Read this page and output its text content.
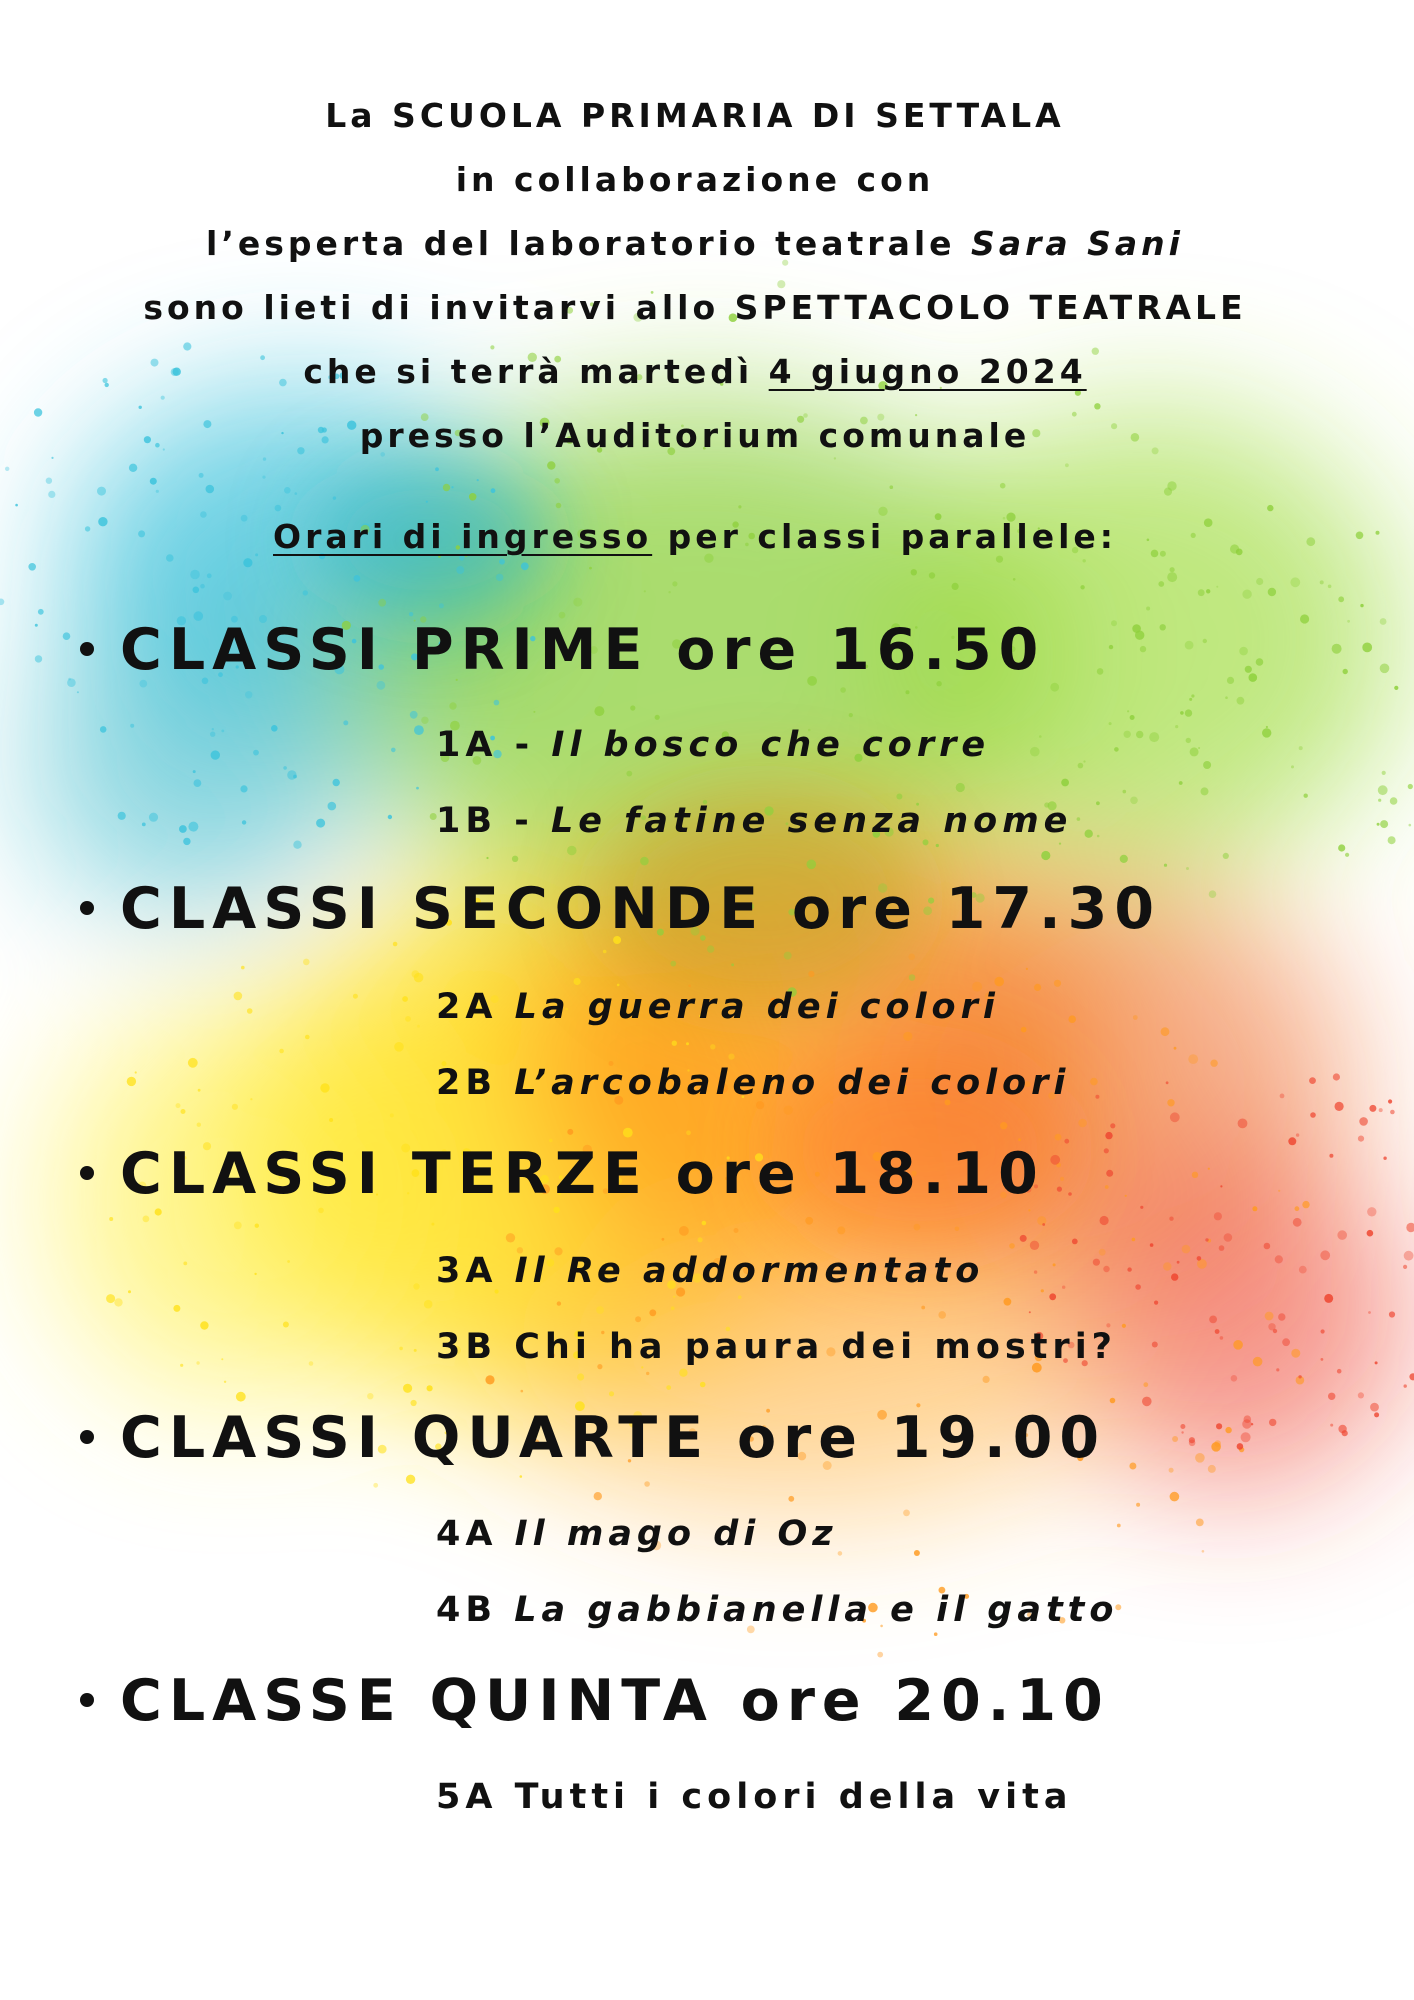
La SCUOLA PRIMARIA DI SETTALA
in collaborazione con
l’esperta del laboratorio teatrale Sara Sani
sono lieti di invitarvi allo SPETTACOLO TEATRALE
che si terrà martedì 4 giugno 2024
presso l’Auditorium comunale
Orari di ingresso per classi parallele:
CLASSI PRIME ore 16.50
1A - Il bosco che corre
1B - Le fatine senza nome
CLASSI SECONDE ore 17.30
2A La guerra dei colori
2B L’arcobaleno dei colori
CLASSI TERZE ore 18.10
3A Il Re addormentato
3B Chi ha paura dei mostri?
CLASSI QUARTE ore 19.00
4A Il mago di Oz
4B La gabbianella e il gatto
CLASSE QUINTA ore 20.10
5A Tutti i colori della vita
